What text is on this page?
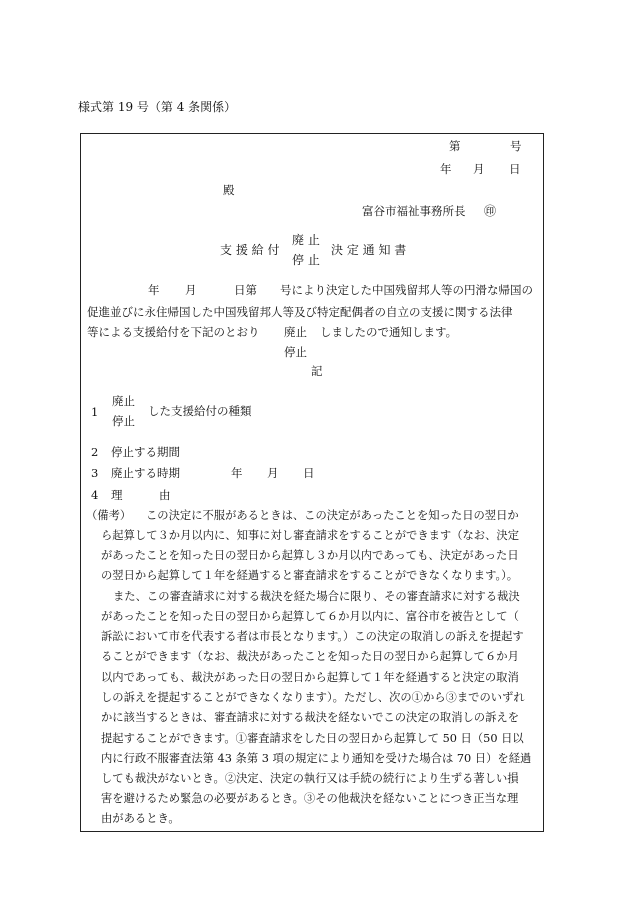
様式第 19 号（第 4 条関係）
第	号
年 月 日
殿
富谷市福祉事務所長 ㊞
支 援 給 付
廃 止
停 止
決 定 通 知 書
年 月	日第　　号により決定した中国残留邦人等の円滑な帰国の
促進並びに永住帰国した中国残留邦人等及び特定配偶者の自立の支援に関する法律
等による支援給付を下記のとおり 廃止 しましたので通知します。
停止
記
1
廃止
停止
した支援給付の種類
2 停止する期間
3 廃止する時期	年 月 日
4 理	由
（備考） この決定に不服があるときは、この決定があったことを知った日の翌日か
ら起算して３か月以内に、知事に対し審査請求をすることができます（なお、決定
があったことを知った日の翌日から起算し３か月以内であっても、決定があった日
の翌日から起算して１年を経過すると審査請求をすることができなくなります。）。
また、この審査請求に対する裁決を経た場合に限り、その審査請求に対する裁決
があったことを知った日の翌日から起算して６か月以内に、富谷市を被告として（
訴訟において市を代表する者は市長となります。）この決定の取消しの訴えを提起す
ることができます（なお、裁決があったことを知った日の翌日から起算して６か月
以内であっても、裁決があった日の翌日から起算して１年を経過すると決定の取消
しの訴えを提起することができなくなります）。ただし、次の①から③までのいずれ
かに該当するときは、審査請求に対する裁決を経ないでこの決定の取消しの訴えを
提起することができます。①審査請求をした日の翌日から起算して 50 日（50 日以
内に行政不服審査法第 43 条第 3 項の規定により通知を受けた場合は 70 日）を経過
しても裁決がないとき。②決定、決定の執行又は手続の続行により生ずる著しい損
害を避けるため緊急の必要があるとき。③その他裁決を経ないことにつき正当な理
由があるとき。
